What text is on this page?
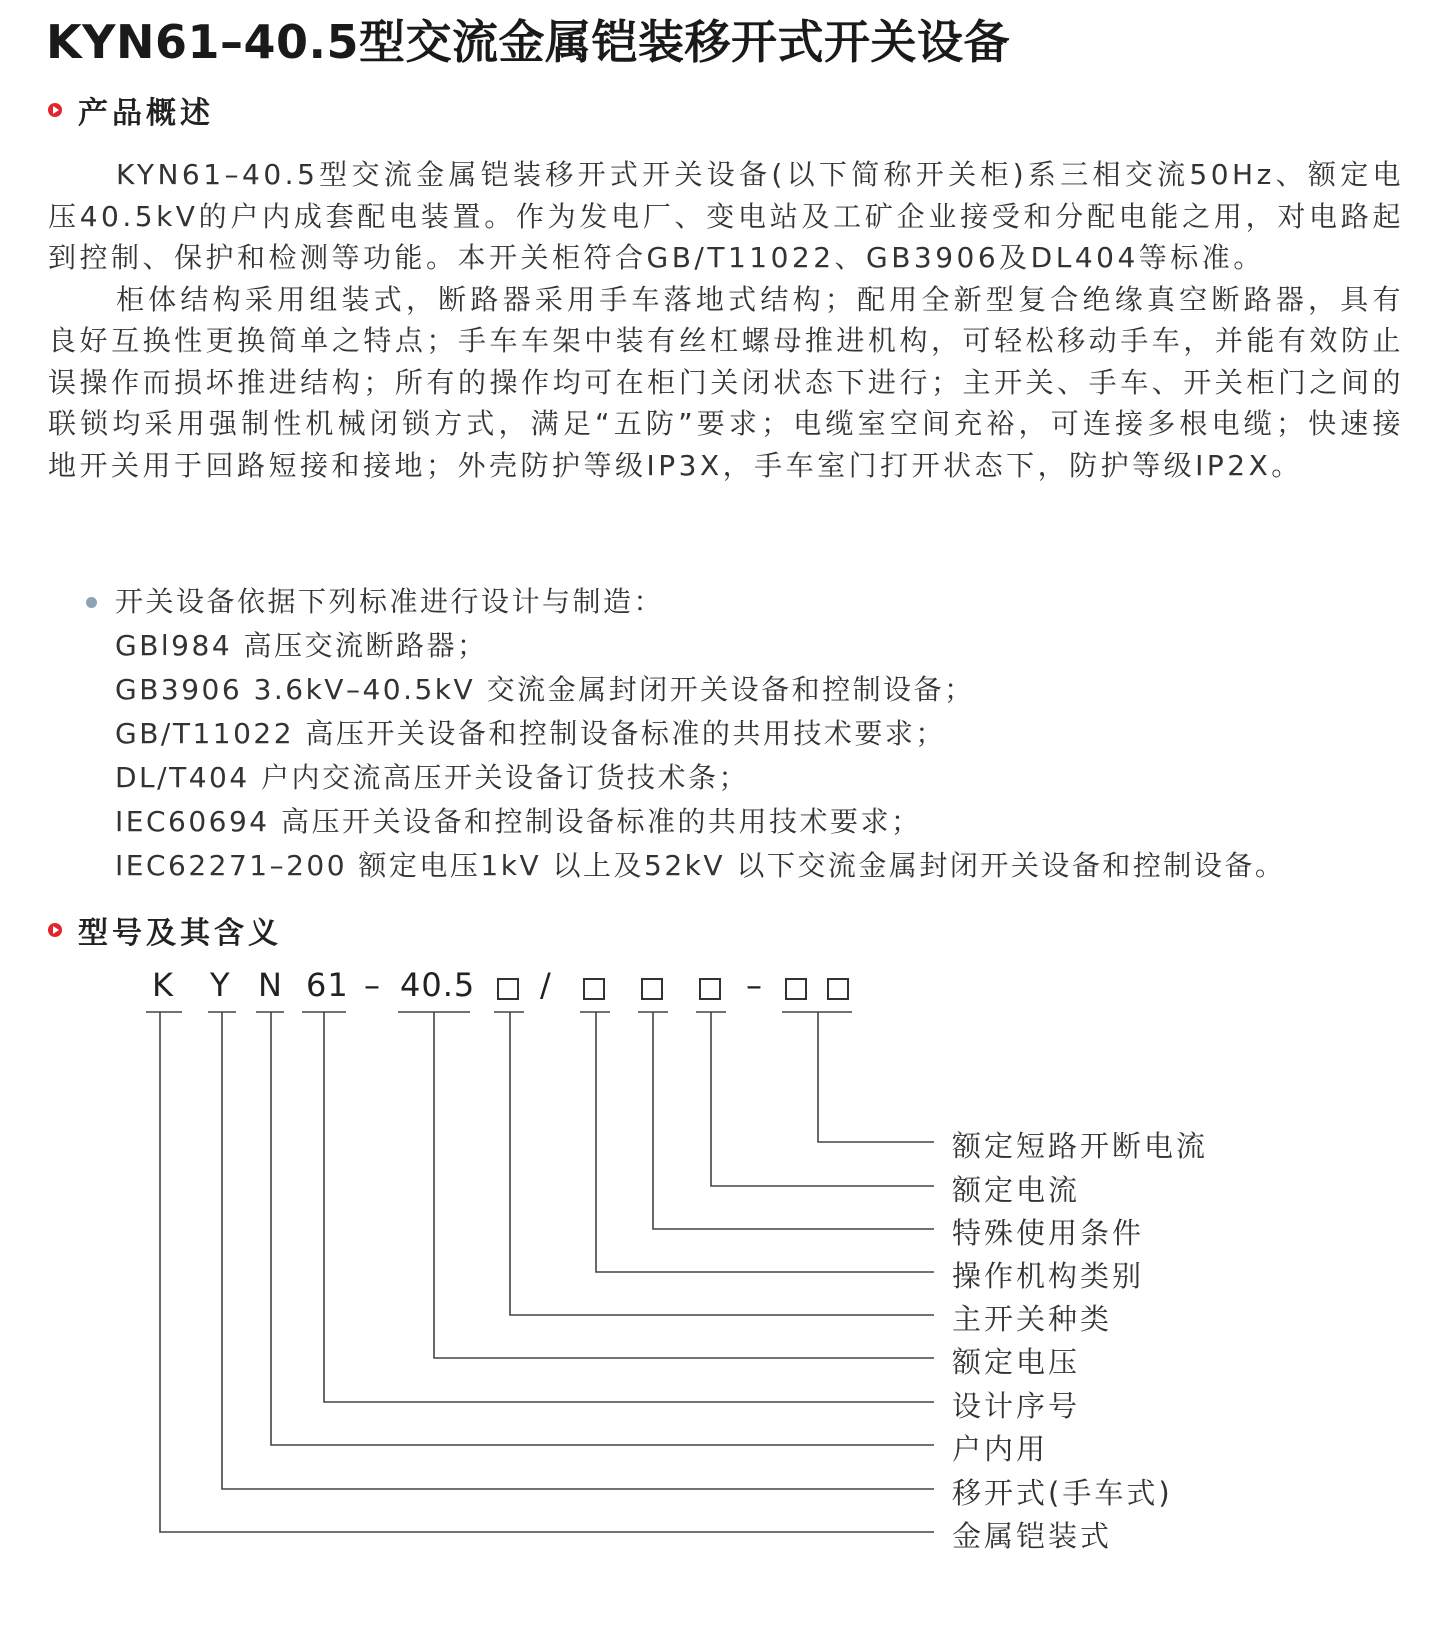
KYN61–40.5型交流金属铠装移开式开关设备
产品概述

KYN61–40.5型交流金属铠装移开式开关设备(以下简称开关柜)系三相交流50Hz、额定电压40.5kV的户内成套配电装置。作为发电厂、变电站及工矿企业接受和分配电能之用，对电路起到控制、保护和检测等功能。本开关柜符合GB/T11022、GB3906及DL404等标准。

柜体结构采用组装式，断路器采用手车落地式结构；配用全新型复合绝缘真空断路器，具有良好互换性更换简单之特点；手车车架中装有丝杠螺母推进机构，可轻松移动手车，并能有效防止误操作而损坏推进结构；所有的操作均可在柜门关闭状态下进行；主开关、手车、开关柜门之间的联锁均采用强制性机械闭锁方式，满足“五防”要求；电缆室空间充裕，可连接多根电缆；快速接地开关用于回路短接和接地；外壳防护等级IP3X，手车室门打开状态下，防护等级IP2X。

开关设备依据下列标准进行设计与制造：
GBl984 高压交流断路器；
GB3906 3.6kV–40.5kV 交流金属封闭开关设备和控制设备；
GB/T11022 高压开关设备和控制设备标准的共用技术要求；
DL/T404 户内交流高压开关设备订货技术条；
IEC60694 高压开关设备和控制设备标准的共用技术要求；
IEC62271–200 额定电压1kV 以上及52kV 以下交流金属封闭开关设备和控制设备。
型号及其含义
K Y N 61 – 40.5 /	–
额定短路开断电流
额定电流
特殊使用条件
操作机构类别
主开关种类
额定电压
设计序号
户内用
移开式(手车式)
金属铠装式
